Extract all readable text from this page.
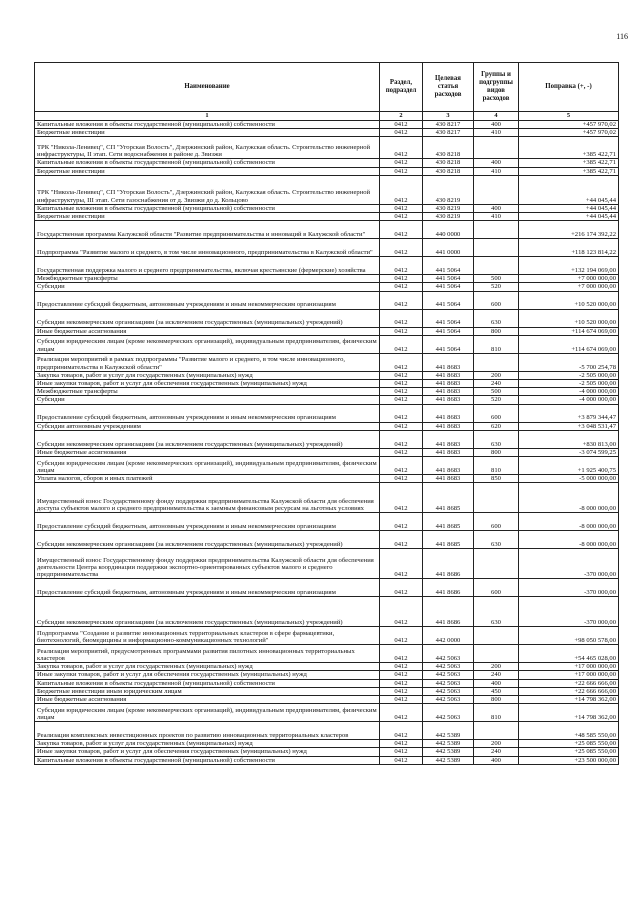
116
Наименование	Раздел, подраздел	Целевая статья расходов	Группы и подгруппы видов расходов	Поправка (+, -)
1	2	3	4	5
Капитальные вложения в объекты государственной (муниципальной) собственности	0412	430 8217	400	+457 970,02
Бюджетные инвестиции	0412	430 8217	410	+457 970,02
ТРК "Никола-Ленивец", СП "Угорская Волость", Дзержинский район, Калужская область. Строительство инженерной инфраструктуры, II этап. Сети водоснабжения в районе д. Звизжи	0412	430 8218		+385 422,71
Капитальные вложения в объекты государственной (муниципальной) собственности	0412	430 8218	400	+385 422,71
Бюджетные инвестиции	0412	430 8218	410	+385 422,71
ТРК "Никола-Ленивец", СП "Угорская Волость", Дзержинский район, Калужская область. Строительство инженерной инфраструктуры, III этап. Сети газоснабжения от д. Звизжи до д. Кольцово	0412	430 8219		+44 045,44
Капитальные вложения в объекты государственной (муниципальной) собственности	0412	430 8219	400	+44 045,44
Бюджетные инвестиции	0412	430 8219	410	+44 045,44
Государственная программа Калужской области "Развитие предпринимательства и инноваций в Калужской области"	0412	440 0000		+216 174 392,22
Подпрограмма "Развитие малого и среднего, в том числе инновационного, предпринимательства в Калужской области"	0412	441 0000		+118 123 814,22
Государственная поддержка малого и среднего предпринимательства, включая крестьянские (фермерские) хозяйства	0412	441 5064		+132 194 069,00
Межбюджетные трансферты	0412	441 5064	500	+7 000 000,00
Субсидии	0412	441 5064	520	+7 000 000,00
Предоставление субсидий бюджетным, автономным учреждениям и иным некоммерческим организациям	0412	441 5064	600	+10 520 000,00
Субсидии некоммерческим организациям (за исключением государственных (муниципальных) учреждений)	0412	441 5064	630	+10 520 000,00
Иные бюджетные ассигнования	0412	441 5064	800	+114 674 069,00
Субсидии юридическим лицам (кроме некоммерческих организаций), индивидуальным предпринимателям, физическим лицам	0412	441 5064	810	+114 674 069,00
Реализация мероприятий в рамках подпрограммы "Развитие малого и среднего, в том числе инновационного, предпринимательства в Калужской области"	0412	441 8683		-5 700 254,78
Закупка товаров, работ и услуг для государственных (муниципальных) нужд	0412	441 8683	200	-2 505 000,00
Иные закупки товаров, работ и услуг для обеспечения государственных (муниципальных) нужд	0412	441 8683	240	-2 505 000,00
Межбюджетные трансферты	0412	441 8683	500	-4 000 000,00
Субсидии	0412	441 8683	520	-4 000 000,00
Предоставление субсидий бюджетным, автономным учреждениям и иным некоммерческим организациям	0412	441 8683	600	+3 879 344,47
Субсидии автономным учреждениям	0412	441 8683	620	+3 048 531,47
Субсидии некоммерческим организациям (за исключением государственных (муниципальных) учреждений)	0412	441 8683	630	+830 813,00
Иные бюджетные ассигнования	0412	441 8683	800	-3 074 599,25
Субсидии юридическим лицам (кроме некоммерческих организаций), индивидуальным предпринимателям, физическим лицам	0412	441 8683	810	+1 925 400,75
Уплата налогов, сборов и иных платежей	0412	441 8683	850	-5 000 000,00
Имущественный взнос Государственному фонду поддержки предпринимательства Калужской области для обеспечения доступа субъектов малого и среднего предпринимательства к заемным финансовым ресурсам на льготных условиях	0412	441 8685		-8 000 000,00
Предоставление субсидий бюджетным, автономным учреждениям и иным некоммерческим организациям	0412	441 8685	600	-8 000 000,00
Субсидии некоммерческим организациям (за исключением государственных (муниципальных) учреждений)	0412	441 8685	630	-8 000 000,00
Имущественный взнос Государственному фонду поддержки предпринимательства Калужской области для обеспечения деятельности Центра координации поддержки экспортно-ориентированных субъектов малого и среднего предпринимательства	0412	441 8686		-370 000,00
Предоставление субсидий бюджетным, автономным учреждениям и иным некоммерческим организациям	0412	441 8686	600	-370 000,00
Субсидии некоммерческим организациям (за исключением государственных (муниципальных) учреждений)	0412	441 8686	630	-370 000,00
Подпрограмма "Создание и развитие инновационных территориальных кластеров в сфере фармацевтики, биотехнологий, биомедицины и информационно-коммуникационных технологий"	0412	442 0000		+98 050 578,00
Реализация мероприятий, предусмотренных программами развития пилотных инновационных территориальных кластеров	0412	442 5063		+54 465 028,00
Закупка товаров, работ и услуг для государственных (муниципальных) нужд	0412	442 5063	200	+17 000 000,00
Иные закупки товаров, работ и услуг для обеспечения государственных (муниципальных) нужд	0412	442 5063	240	+17 000 000,00
Капитальные вложения в объекты государственной (муниципальной) собственности	0412	442 5063	400	+22 666 666,00
Бюджетные инвестиции иным юридическим лицам	0412	442 5063	450	+22 666 666,00
Иные бюджетные ассигнования	0412	442 5063	800	+14 798 362,00
Субсидии юридическим лицам (кроме некоммерческих организаций), индивидуальным предпринимателям, физическим лицам	0412	442 5063	810	+14 798 362,00
Реализация комплексных инвестиционных проектов по развитию инновационных территориальных кластеров	0412	442 5389		+48 585 550,00
Закупка товаров, работ и услуг для государственных (муниципальных) нужд	0412	442 5389	200	+25 085 550,00
Иные закупки товаров, работ и услуг для обеспечения государственных (муниципальных) нужд	0412	442 5389	240	+25 085 550,00
Капитальные вложения в объекты государственной (муниципальной) собственности	0412	442 5389	400	+23 500 000,00
